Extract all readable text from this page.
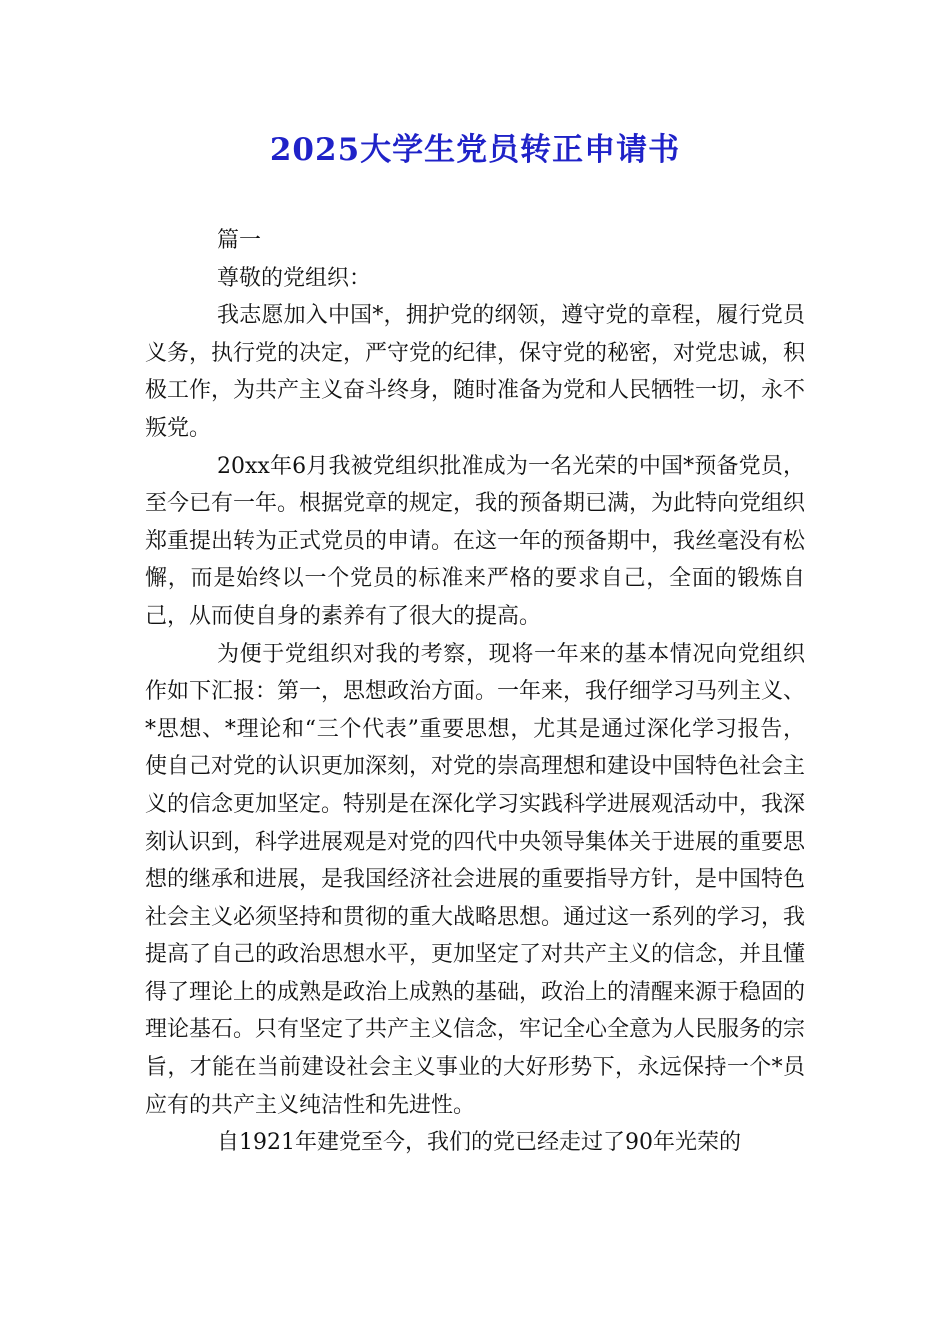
2025大学生党员转正申请书

篇一

尊敬的党组织：

我志愿加入中国*，拥护党的纲领，遵守党的章程，履行党员义务，执行党的决定，严守党的纪律，保守党的秘密，对党忠诚，积极工作，为共产主义奋斗终身，随时准备为党和人民牺牲一切，永不叛党。

20xx年6月我被党组织批准成为一名光荣的中国*预备党员，至今已有一年。根据党章的规定，我的预备期已满，为此特向党组织郑重提出转为正式党员的申请。在这一年的预备期中，我丝毫没有松懈，而是始终以一个党员的标准来严格的要求自己，全面的锻炼自己，从而使自身的素养有了很大的提高。

为便于党组织对我的考察，现将一年来的基本情况向党组织作如下汇报：第一，思想政治方面。一年来，我仔细学习马列主义、*思想、*理论和“三个代表”重要思想，尤其是通过深化学习报告，使自己对党的认识更加深刻，对党的崇高理想和建设中国特色社会主义的信念更加坚定。特别是在深化学习实践科学进展观活动中，我深刻认识到，科学进展观是对党的四代中央领导集体关于进展的重要思想的继承和进展，是我国经济社会进展的重要指导方针，是中国特色社会主义必须坚持和贯彻的重大战略思想。通过这一系列的学习，我提高了自己的政治思想水平，更加坚定了对共产主义的信念，并且懂得了理论上的成熟是政治上成熟的基础，政治上的清醒来源于稳固的理论基石。只有坚定了共产主义信念，牢记全心全意为人民服务的宗旨，才能在当前建设社会主义事业的大好形势下，永远保持一个*员应有的共产主义纯洁性和先进性。

自1921年建党至今，我们的党已经走过了90年光荣的
